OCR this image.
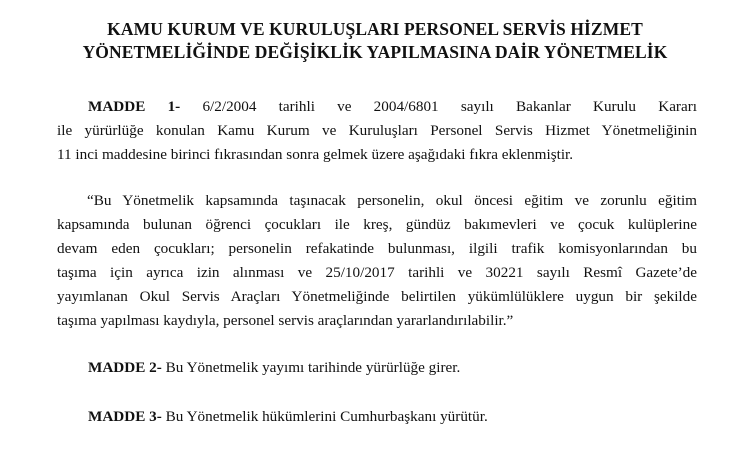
KAMU KURUM VE KURULUŞLARI PERSONEL SERVİS HİZMET
YÖNETMELİĞİNDE DEĞİŞİKLİK YAPILMASINA DAİR YÖNETMELİK
MADDE 1- 6/2/2004 tarihli ve 2004/6801 sayılı Bakanlar Kurulu Kararı
ile yürürlüğe konulan Kamu Kurum ve Kuruluşları Personel Servis Hizmet Yönetmeliğinin
11 inci maddesine birinci fıkrasından sonra gelmek üzere aşağıdaki fıkra eklenmiştir.
“Bu Yönetmelik kapsamında taşınacak personelin, okul öncesi eğitim ve zorunlu eğitim
kapsamında bulunan öğrenci çocukları ile kreş, gündüz bakımevleri ve çocuk kulüplerine
devam eden çocukları; personelin refakatinde bulunması, ilgili trafik komisyonlarından bu
taşıma için ayrıca izin alınması ve 25/10/2017 tarihli ve 30221 sayılı Resmî Gazete’de
yayımlanan Okul Servis Araçları Yönetmeliğinde belirtilen yükümlülüklere uygun bir şekilde
taşıma yapılması kaydıyla, personel servis araçlarından yararlandırılabilir.”
MADDE 2- Bu Yönetmelik yayımı tarihinde yürürlüğe girer.
MADDE 3- Bu Yönetmelik hükümlerini Cumhurbaşkanı yürütür.
